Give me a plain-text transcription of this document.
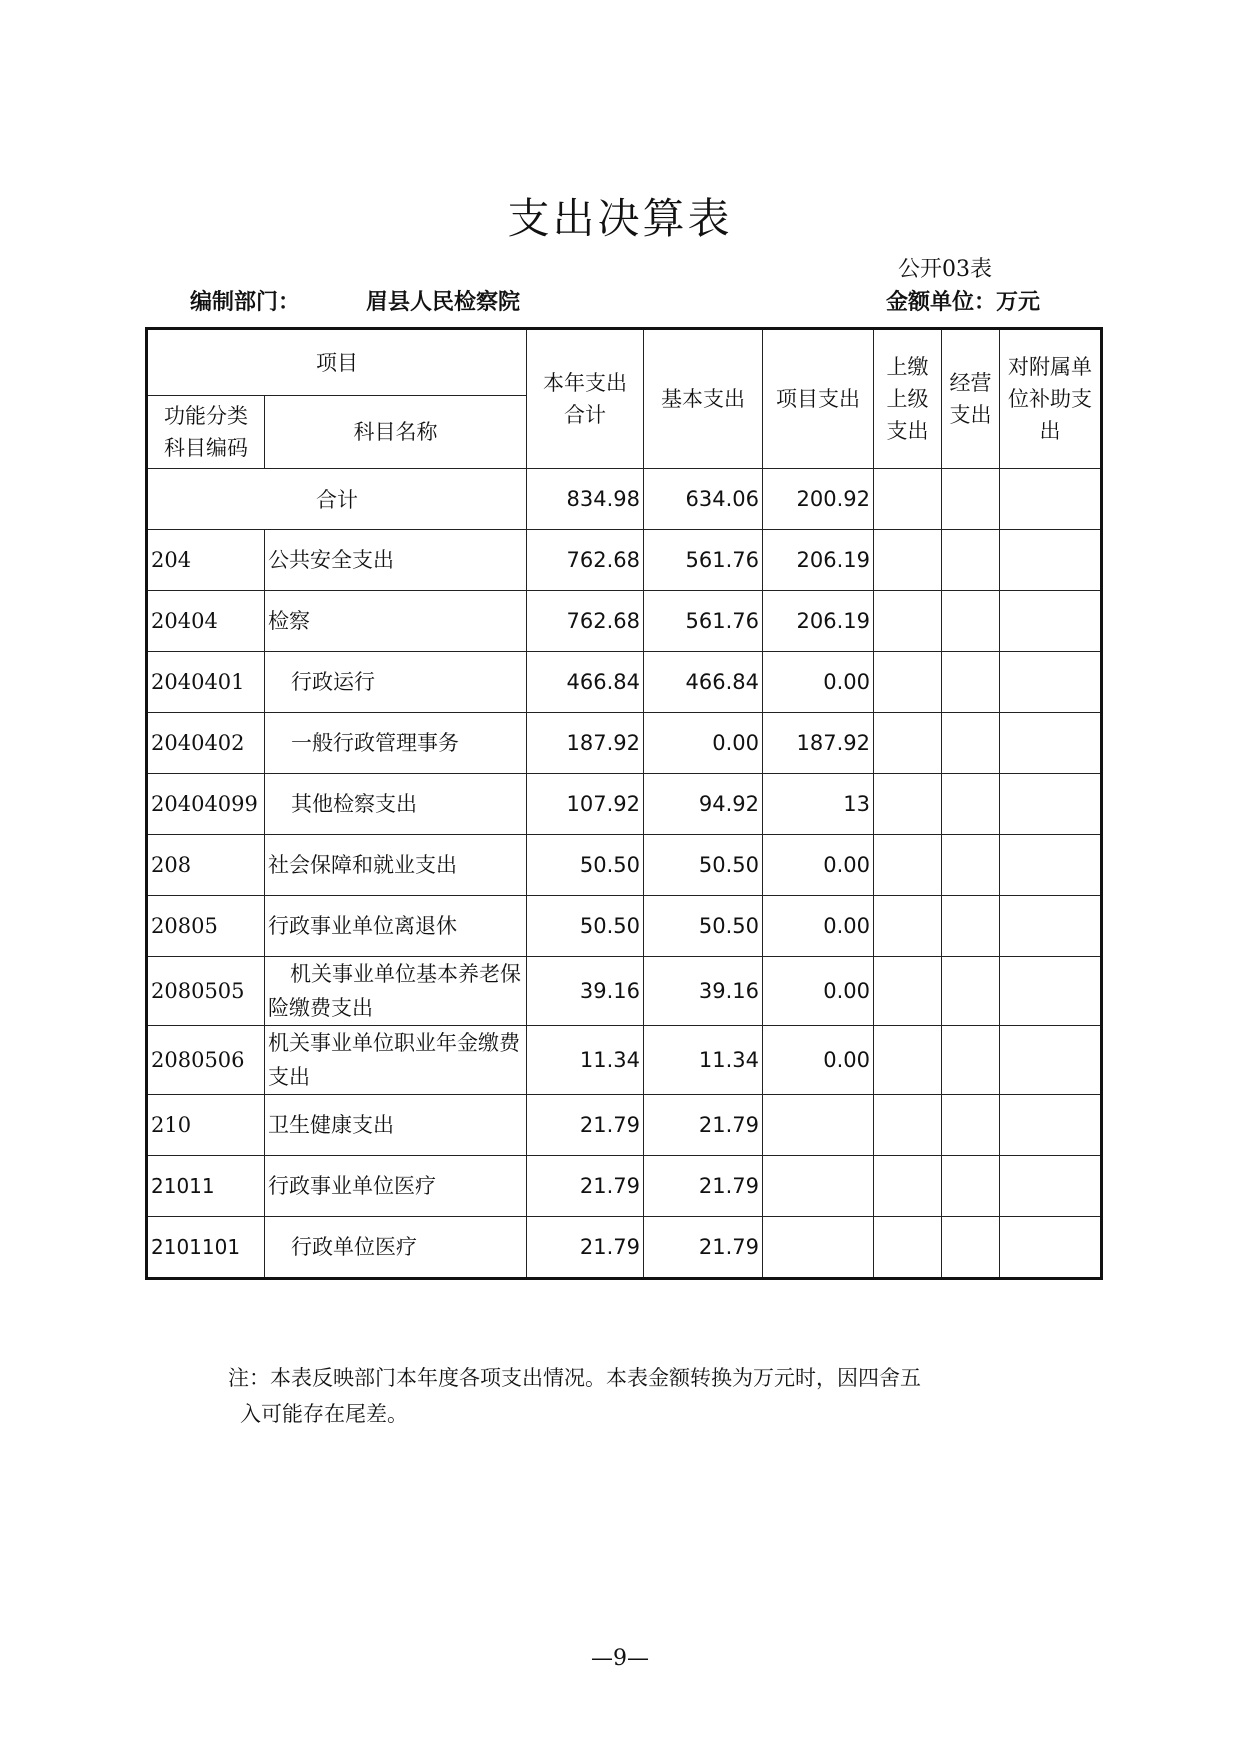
支出决算表
公开03表
编制部门：	眉县人民检察院	金额单位：万元
项目		本年支出合计	基本支出	项目支出	上缴上级支出	经营支出	对附属单位补助支出

功能分类科目编码	科目名称						
合计		834.98	634.06	200.92			
204	公共安全支出	762.68	561.76	206.19			
20404	检察	762.68	561.76	206.19			
2040401	行政运行	466.84	466.84	0.00			
2040402	一般行政管理事务	187.92	0.00	187.92			
20404099	其他检察支出	107.92	94.92	13			
208	社会保障和就业支出	50.50	50.50	0.00			
20805	行政事业单位离退休	50.50	50.50	0.00			
2080505	机关事业单位基本养老保险缴费支出	39.16	39.16	0.00			
2080506	机关事业单位职业年金缴费支出	11.34	11.34	0.00			
210	卫生健康支出	21.79	21.79				
21011	行政事业单位医疗	21.79	21.79				
2101101	行政单位医疗	21.79	21.79				
注：本表反映部门本年度各项支出情况。本表金额转换为万元时，因四舍五
入可能存在尾差。
—9—
